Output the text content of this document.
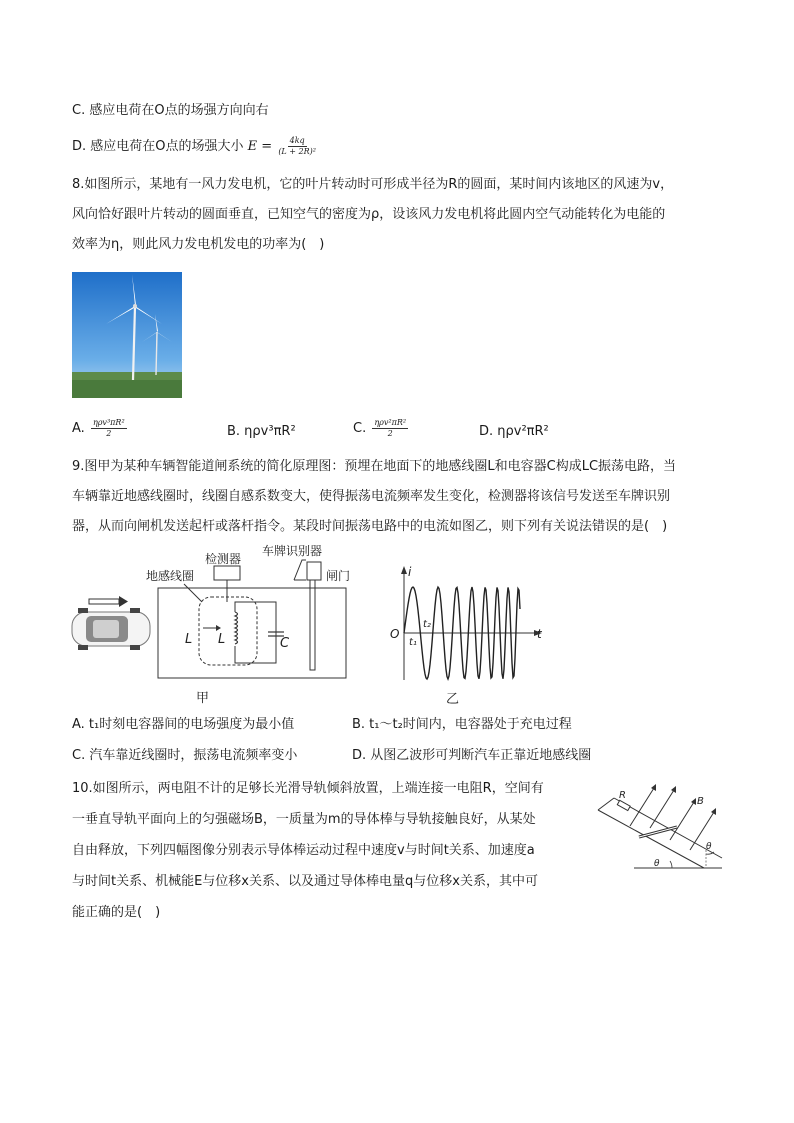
C. 感应电荷在O点的场强方向向右
D. 感应电荷在O点的场强大小 $E = \frac{4kq}{\text{(L + 2R)²}}$
8.如图所示，某地有一风力发电机，它的叶片转动时可形成半径为R的圆面，某时间内该地区的风速为v，
风向恰好跟叶片转动的圆面垂直，已知空气的密度为ρ，设该风力发电机将此圆内空气动能转化为电能的
效率为η，则此风力发电机发电的功率为(　)
A. $\frac{\text{ηρv³πR²}}{2}$	B. ηρv³πR²	C. $\frac{\text{ηρv²πR²}}{2}$	D. ηρv²πR²
9.图甲为某种车辆智能道闸系统的简化原理图：预埋在地面下的地感线圈L和电容器C构成LC振荡电路，当
车辆靠近地感线圈时，线圈自感系数变大，使得振荡电流频率发生变化，检测器将该信号发送至车牌识别
器，从而向闸机发送起杆或落杆指令。某段时间振荡电路中的电流如图乙，则下列有关说法错误的是(　)
检测器
车牌识别器
闸门
地感线圈
L L	C
甲
i
t
O
t₂
t₁
乙
A. t₁时刻电容器间的电场强度为最小值	B. t₁～t₂时间内，电容器处于充电过程
C. 汽车靠近线圈时，振荡电流频率变小	D. 从图乙波形可判断汽车正靠近地感线圈
10.如图所示，两电阻不计的足够长光滑导轨倾斜放置，上端连接一电阻R，空间有
一垂直导轨平面向上的匀强磁场B，一质量为m的导体棒与导轨接触良好，从某处
自由释放，下列四幅图像分别表示导体棒运动过程中速度v与时间t关系、加速度a
与时间t关系、机械能E与位移x关系、以及通过导体棒电量q与位移x关系，其中可
能正确的是(　)
R
B
θ
θ
